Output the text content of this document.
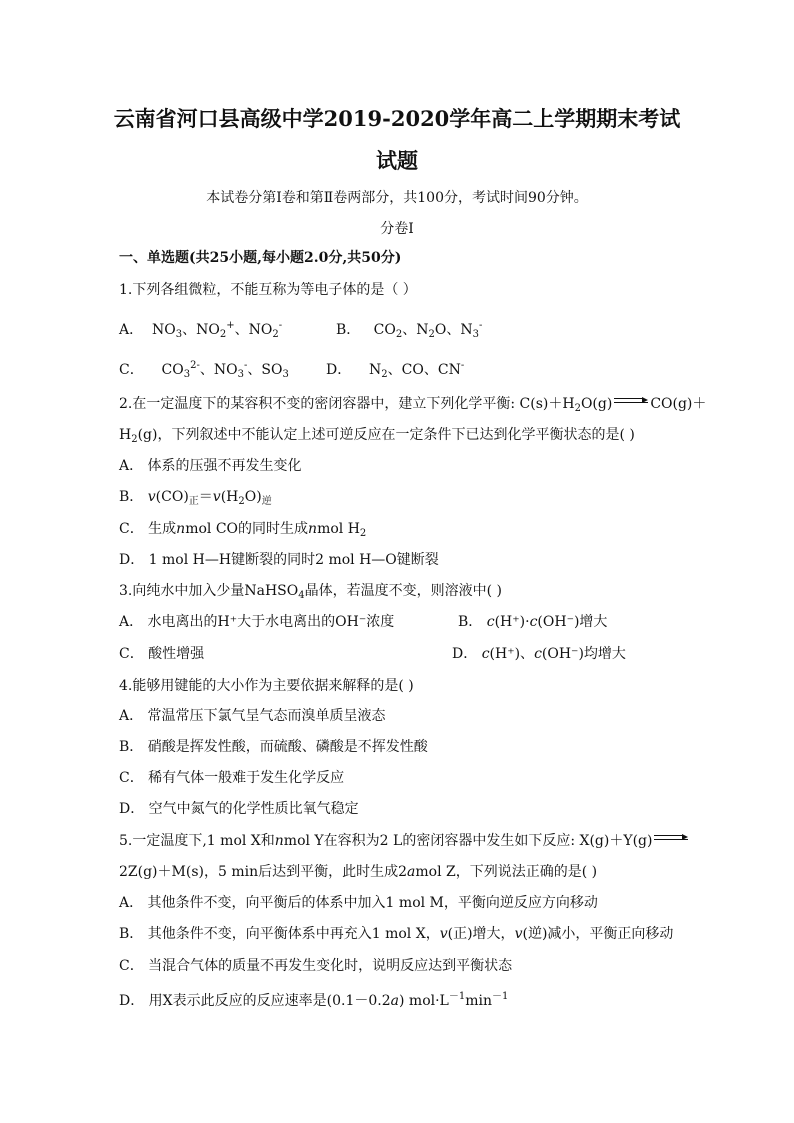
云南省河口县高级中学2019-2020学年高二上学期期末考试
试题
本试卷分第Ⅰ卷和第Ⅱ卷两部分，共100分，考试时间90分钟。
分卷I
一、单选题(共25小题,每小题2.0分,共50分)
1.下列各组微粒，不能互称为等电子体的是（ ）
A． $NO_3$、$NO_2^+$、$NO_2^-$	B． $CO_2$、$N_2O$、$N_3^-$
C． $CO_3^{2-}$、$NO_3^-$、$SO_3$	D． $N_2$、CO、CN-
2.在一定温度下的某容积不变的密闭容器中，建立下列化学平衡: $C(s)+H_2O(g)$	CO(g)＋
$H_2(g)$，下列叙述中不能认定上述可逆反应在一定条件下已达到化学平衡状态的是( )
A． 体系的压强不再发生变化
B． $v(CO)_正=v(H_2O)_逆$
C． 生成nmol CO的同时生成nmol $H_2$
D． 1 mol H—H键断裂的同时2 mol H—O键断裂
3.向纯水中加入少量NaHSO$_4$晶体，若温度不变，则溶液中( )
A． 水电离出的H⁺大于水电离出的OH⁻浓度	B． c(H⁺)·c(OH⁻)增大
C． 酸性增强	D． c(H⁺)、c(OH⁻)均增大
4.能够用键能的大小作为主要依据来解释的是( )
A． 常温常压下氯气呈气态而溴单质呈液态
B． 硝酸是挥发性酸，而硫酸、磷酸是不挥发性酸
C． 稀有气体一般难于发生化学反应
D． 空气中氮气的化学性质比氧气稳定
5.一定温度下,1 mol X和nmol Y在容积为2 L的密闭容器中发生如下反应: X(g)＋Y(g)
2Z(g)＋M(s)，5 min后达到平衡，此时生成2amol Z，下列说法正确的是( )
A． 其他条件不变，向平衡后的体系中加入1 mol M，平衡向逆反应方向移动
B． 其他条件不变，向平衡体系中再充入1 mol X，v(正)增大，v(逆)减小，平衡正向移动
C． 当混合气体的质量不再发生变化时，说明反应达到平衡状态
D． 用X表示此反应的反应速率是(0.1－0.2a) $mol\cdot L^{-1}\min^{-1}$
